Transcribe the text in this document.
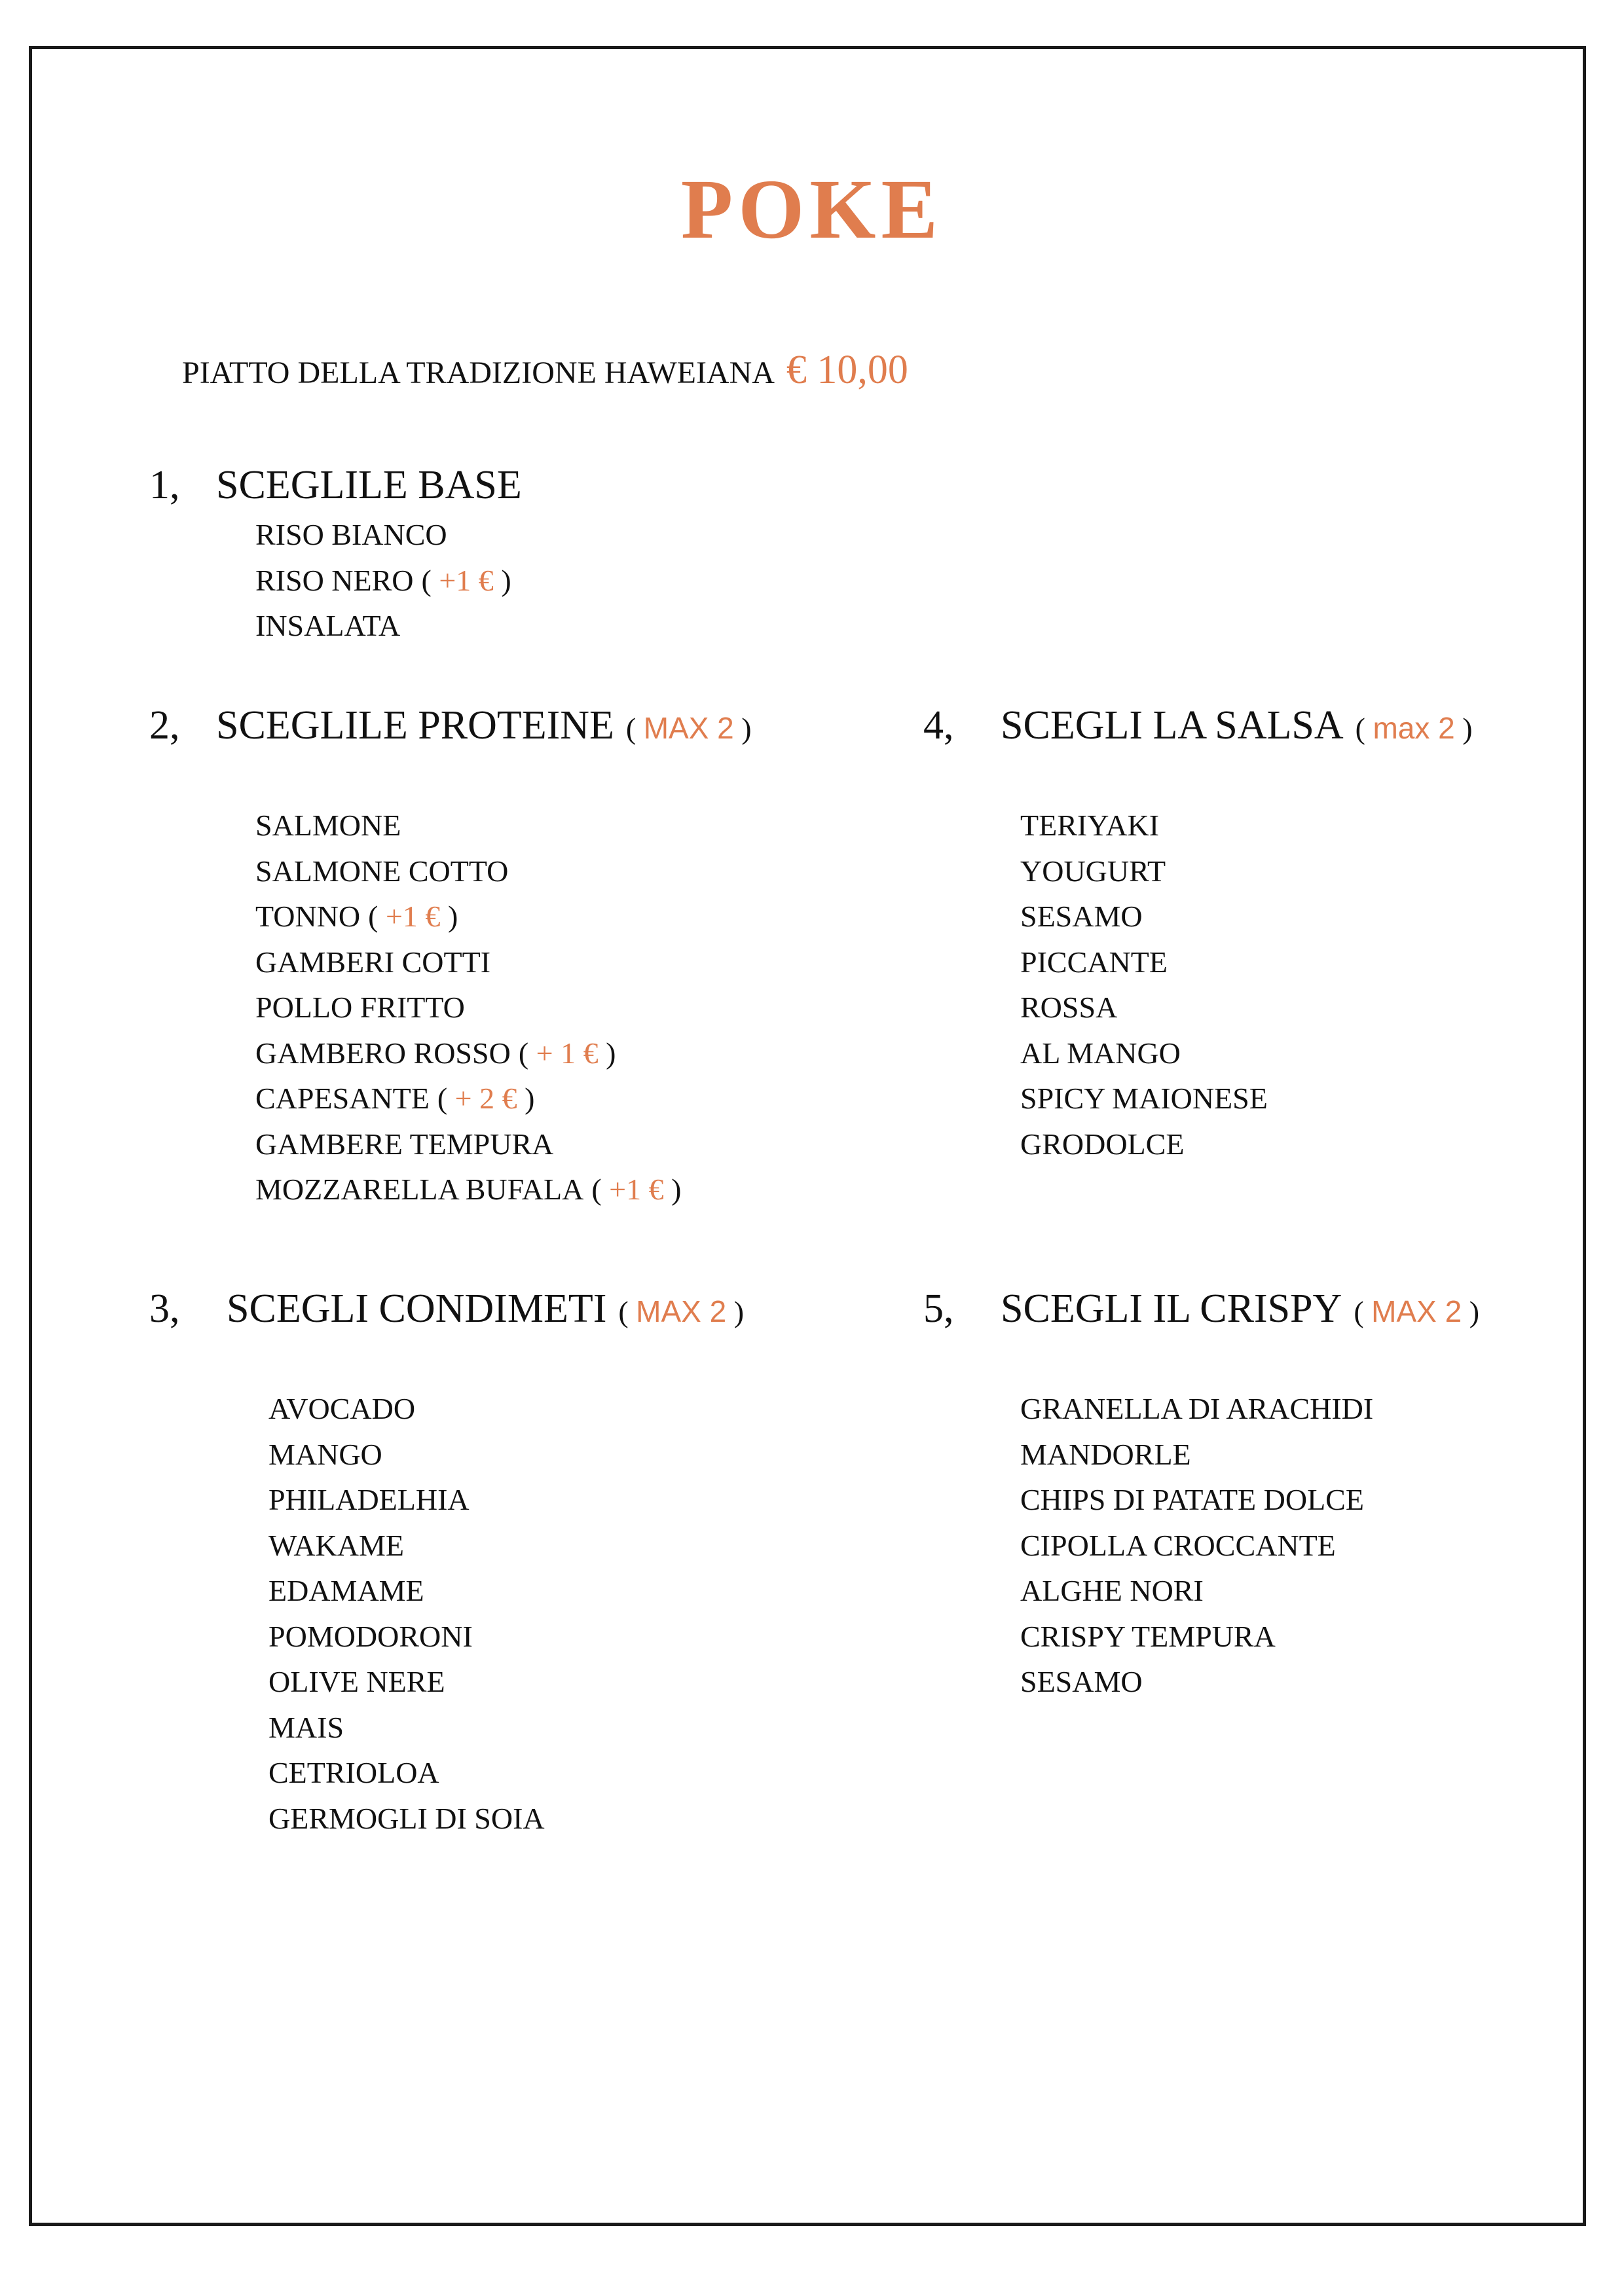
POKE
PIATTO DELLA TRADIZIONE HAWEIANA € 10,00
1, SCEGLILE BASE
RISO BIANCO
RISO NERO ( +1 € )
INSALATA
2, SCEGLILE PROTEINE ( MAX 2 )
SALMONE
SALMONE COTTO
TONNO ( +1 € )
GAMBERI COTTI
POLLO FRITTO
GAMBERO ROSSO ( + 1 € )
CAPESANTE ( + 2 € )
GAMBERE TEMPURA
MOZZARELLA BUFALA ( +1 € )
3, SCEGLI CONDIMETI ( MAX 2 )
AVOCADO
MANGO
PHILADELHIA
WAKAME
EDAMAME
POMODORONI
OLIVE NERE
MAIS
CETRIOLOA
GERMOGLI DI SOIA
4, SCEGLI LA SALSA ( max 2 )
TERIYAKI
YOUGURT
SESAMO
PICCANTE
ROSSA
AL MANGO
SPICY MAIONESE
GRODOLCE
5, SCEGLI IL CRISPY ( MAX 2 )
GRANELLA DI ARACHIDI
MANDORLE
CHIPS DI PATATE DOLCE
CIPOLLA CROCCANTE
ALGHE NORI
CRISPY TEMPURA
SESAMO
